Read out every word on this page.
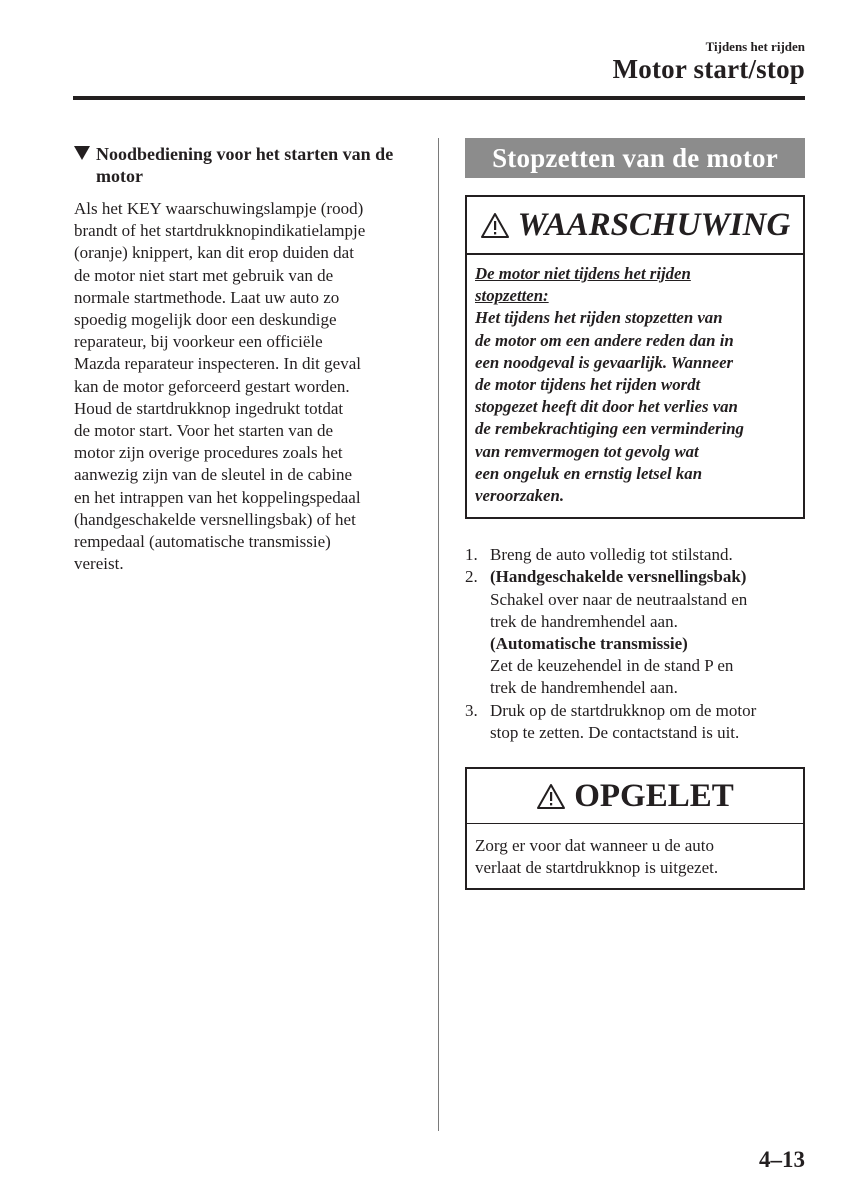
Tijdens het rijden
Motor start/stop
Noodbediening voor het starten van de motor
Als het KEY waarschuwingslampje (rood)
brandt of het startdrukknopindikatielampje
(oranje) knippert, kan dit erop duiden dat
de motor niet start met gebruik van de
normale startmethode. Laat uw auto zo
spoedig mogelijk door een deskundige
reparateur, bij voorkeur een officiële
Mazda reparateur inspecteren. In dit geval
kan de motor geforceerd gestart worden.
Houd de startdrukknop ingedrukt totdat
de motor start. Voor het starten van de
motor zijn overige procedures zoals het
aanwezig zijn van de sleutel in de cabine
en het intrappen van het koppelingspedaal
(handgeschakelde versnellingsbak) of het
rempedaal (automatische transmissie)
vereist.
Stopzetten van de motor
WAARSCHUWING
De motor niet tijdens het rijden
stopzetten:
Het tijdens het rijden stopzetten van
de motor om een andere reden dan in
een noodgeval is gevaarlijk. Wanneer
de motor tijdens het rijden wordt
stopgezet heeft dit door het verlies van
de rembekrachtiging een vermindering
van remvermogen tot gevolg wat
een ongeluk en ernstig letsel kan
veroorzaken.
1. Breng de auto volledig tot stilstand.
2. (Handgeschakelde versnellingsbak)
Schakel over naar de neutraalstand en
trek de handremhendel aan.
(Automatische transmissie)
Zet de keuzehendel in de stand P en
trek de handremhendel aan.
3. Druk op de startdrukknop om de motor
stop te zetten. De contactstand is uit.
OPGELET
Zorg er voor dat wanneer u de auto
verlaat de startdrukknop is uitgezet.
4–13
